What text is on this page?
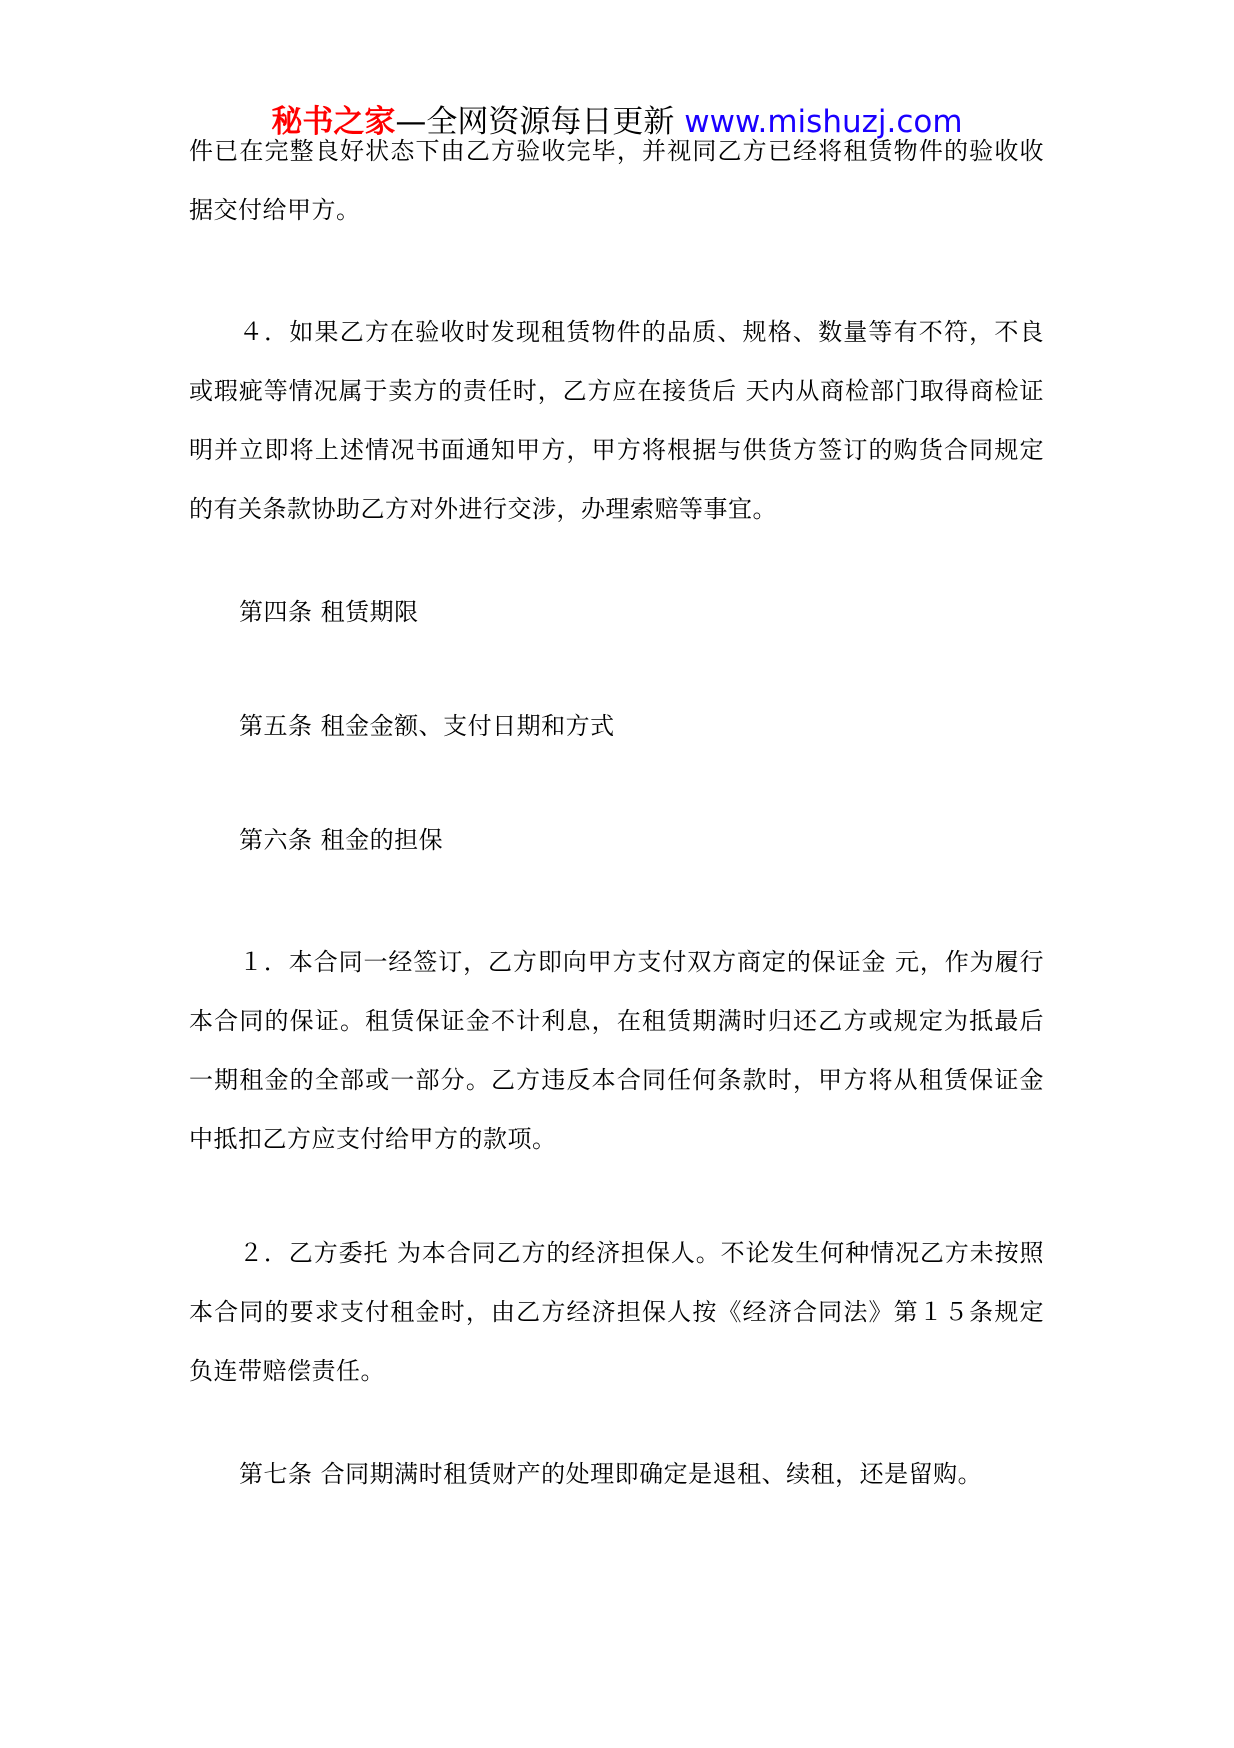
秘书之家—全网资源每日更新 www.mishuzj.com

件已在完整良好状态下由乙方验收完毕，并视同乙方已经将租赁物件的验收收据交付给甲方。

４．如果乙方在验收时发现租赁物件的品质、规格、数量等有不符，不良或瑕疵等情况属于卖方的责任时，乙方应在接货后 天内从商检部门取得商检证明并立即将上述情况书面通知甲方，甲方将根据与供货方签订的购货合同规定的有关条款协助乙方对外进行交涉，办理索赔等事宜。

第四条 租赁期限
第五条 租金金额、支付日期和方式
第六条 租金的担保

１．本合同一经签订，乙方即向甲方支付双方商定的保证金 元，作为履行本合同的保证。租赁保证金不计利息，在租赁期满时归还乙方或规定为抵最后一期租金的全部或一部分。乙方违反本合同任何条款时，甲方将从租赁保证金中抵扣乙方应支付给甲方的款项。

２．乙方委托 为本合同乙方的经济担保人。不论发生何种情况乙方未按照本合同的要求支付租金时，由乙方经济担保人按《经济合同法》第１５条规定负连带赔偿责任。

第七条 合同期满时租赁财产的处理即确定是退租、续租，还是留购。
